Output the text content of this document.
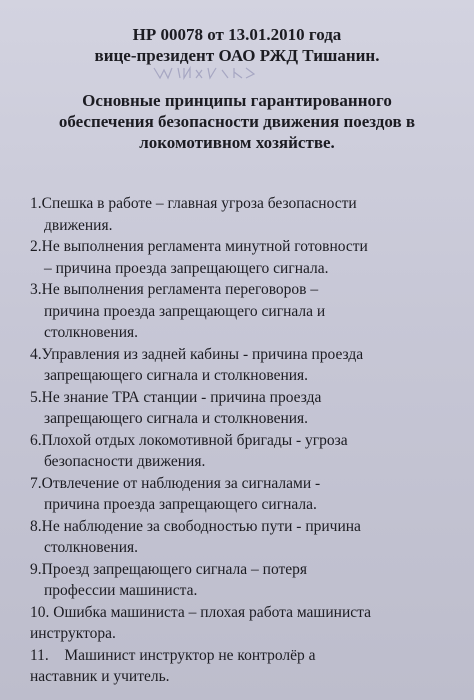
НР 00078 от 13.01.2010 года
вице-президент ОАО РЖД Тишанин.
Основные принципы гарантированного
обеспечения безопасности движения поездов в
локомотивном хозяйстве.
1.Спешка в работе – главная угроза безопасности
движения.
2.Не выполнения регламента минутной готовности
– причина проезда запрещающего сигнала.
3.Не выполнения регламента переговоров –
причина проезда запрещающего сигнала и
столкновения.
4.Управления из задней кабины - причина проезда
запрещающего сигнала и столкновения.
5.Не знание ТРА станции - причина проезда
запрещающего сигнала и столкновения.
6.Плохой отдых локомотивной бригады - угроза
безопасности движения.
7.Отвлечение от наблюдения за сигналами -
причина проезда запрещающего сигнала.
8.Не наблюдение за свободностью пути - причина
столкновения.
9.Проезд запрещающего сигнала – потеря
профессии машиниста.
10. Ошибка машиниста – плохая работа машиниста
инструктора.
11. Машинист инструктор не контролёр а
наставник и учитель.
